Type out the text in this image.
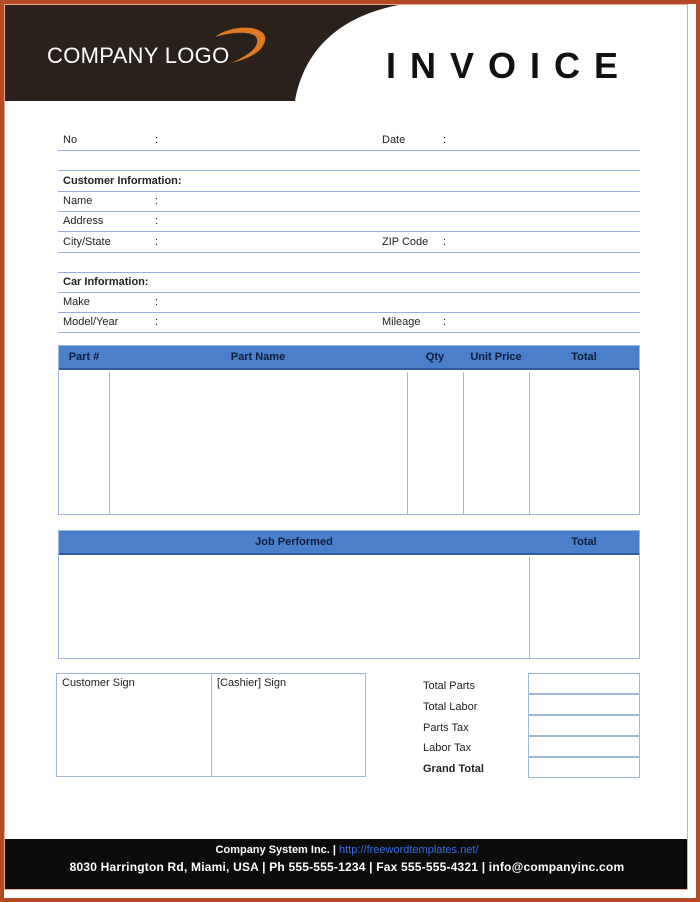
COMPANY LOGO	INVOICE
No	:	Date	:
Customer Information:
Name	:
Address	:
City/State	:	ZIP Code :
Car Information:
Make	:
Model/Year	:	Mileage :
Part #	Part Name	Qty	Unit Price	Total
Job Performed	Total
Customer Sign	[Cashier] Sign	Total Parts
Total Labor
Parts Tax
Labor Tax
Grand Total
Company System Inc. | http://freewordtemplates.net/
8030 Harrington Rd, Miami, USA | Ph 555-555-1234 | Fax 555-555-4321 | info@companyinc.com
